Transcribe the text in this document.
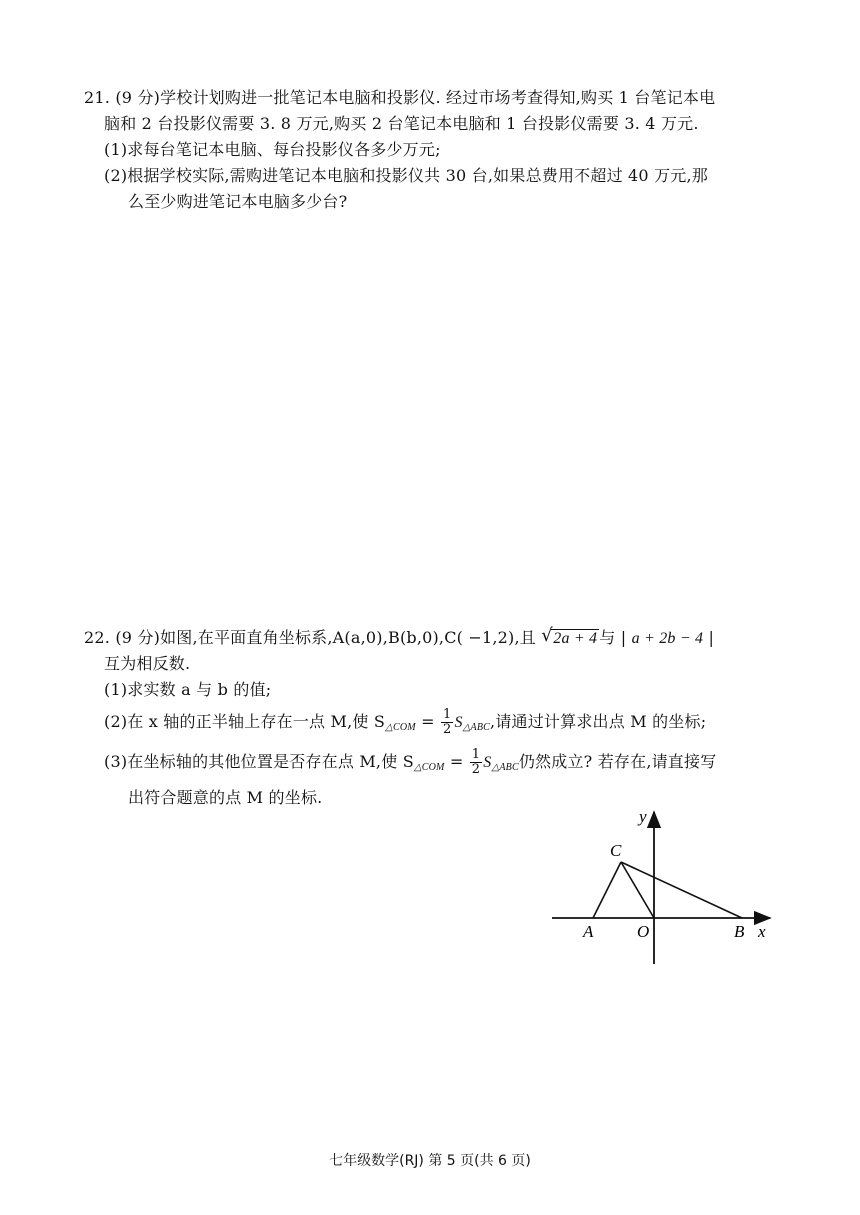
21. (9 分)学校计划购进一批笔记本电脑和投影仪. 经过市场考查得知,购买 1 台笔记本电
脑和 2 台投影仪需要 3. 8 万元,购买 2 台笔记本电脑和 1 台投影仪需要 3. 4 万元.
(1)求每台笔记本电脑、每台投影仪各多少万元;
(2)根据学校实际,需购进笔记本电脑和投影仪共 30 台,如果总费用不超过 40 万元,那
么至少购进笔记本电脑多少台?
22. (9 分)如图,在平面直角坐标系,A(a,0),B(b,0),C( −1,2),且 √ 2a + 4 与 | a + 2b − 4 |
互为相反数.
(1)求实数 a 与 b 的值;
(2)在 x 轴的正半轴上存在一点 M,使 $S_{\triangle COM} = \frac{1}{2} S_{\triangle ABC}$,请通过计算求出点 M 的坐标;
(3)在坐标轴的其他位置是否存在点 M,使 $S_{\triangle COM} = \frac{1}{2} S_{\triangle ABC}$仍然成立? 若存在,请直接写
出符合题意的点 M 的坐标.
y
C
A	O	B x
七年级数学(RJ) 第 5 页(共 6 页)
